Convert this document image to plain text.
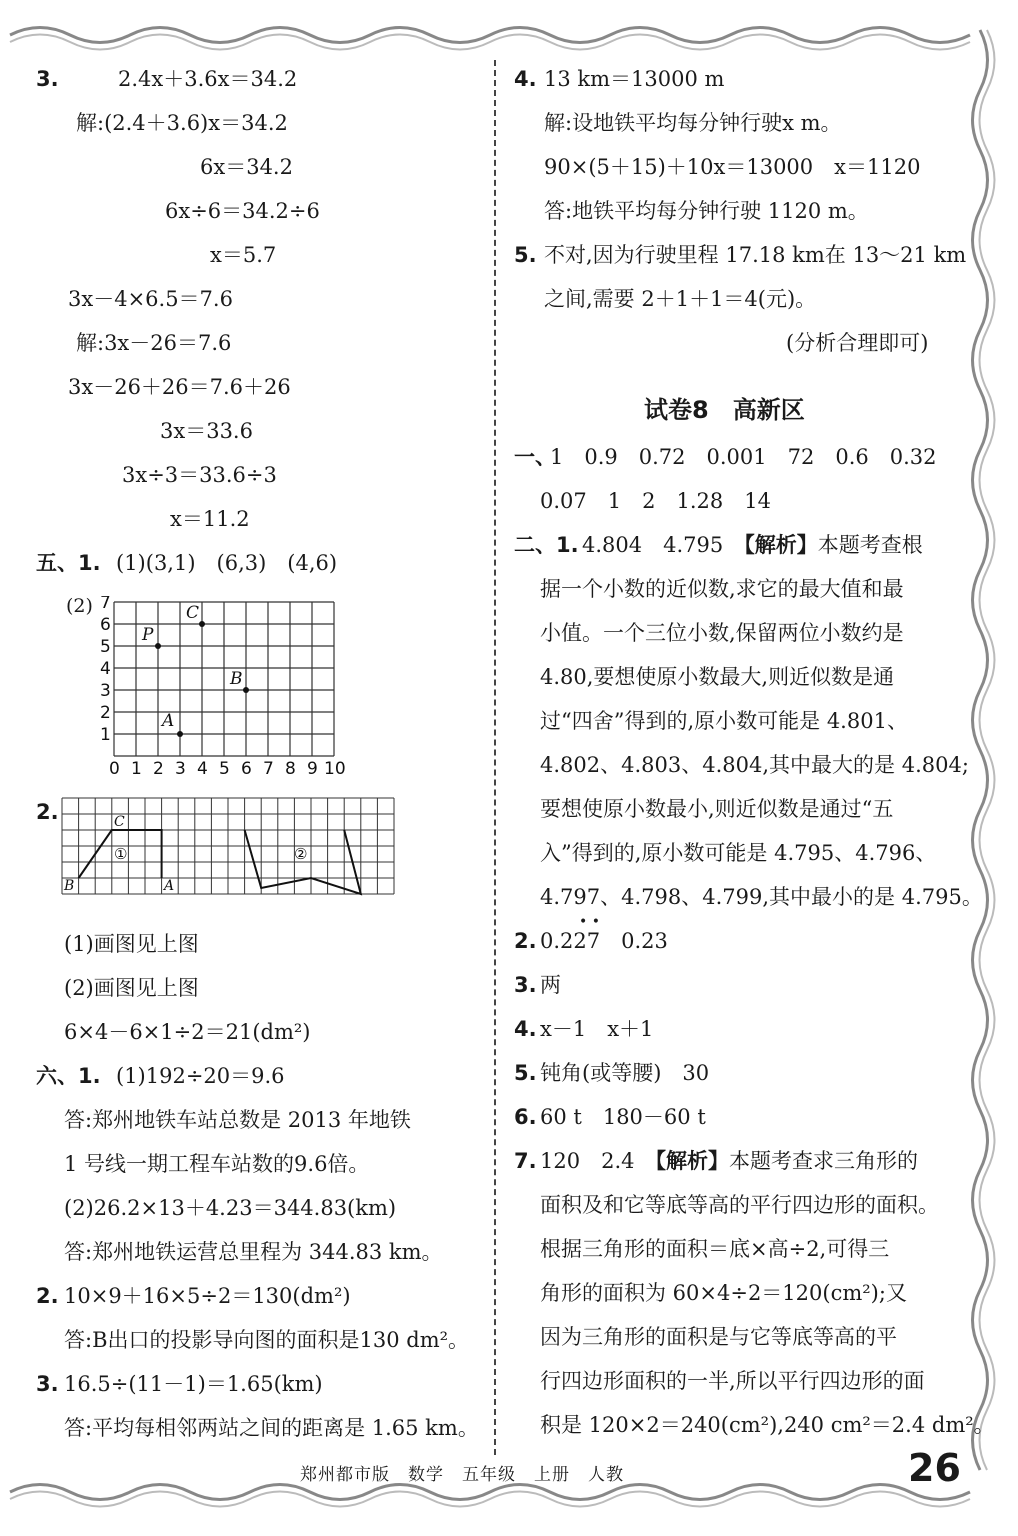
3.	2.4x＋3.6x＝34.2
解:(2.4＋3.6)x＝34.2
6x＝34.2
6x÷6＝34.2÷6
x＝5.7
3x－4×6.5＝7.6
解:3x－26＝7.6
3x－26＋26＝7.6＋26
3x＝33.6
3x÷3＝33.6÷3
x＝11.2
五、1. (1)(3,1)　(6,3)　(4,6)
(2) 7
6
5
4
3
2
1
0 1 2 3 4 5 6 7 8 9 10
C
P
B
A
2.	C
B	A
①	②
(1)画图见上图
(2)画图见上图
6×4－6×1÷2＝21(dm²)
六、1. (1)192÷20＝9.6
答:郑州地铁车站总数是 2013 年地铁
1 号线一期工程车站数的9.6倍。
(2)26.2×13＋4.23＝344.83(km)
答:郑州地铁运营总里程为 344.83 km。
2. 10×9＋16×5÷2＝130(dm²)
答:B出口的投影导向图的面积是130 dm²。
3. 16.5÷(11－1)＝1.65(km)
答:平均每相邻两站之间的距离是 1.65 km。
4. 13 km＝13000 m
解:设地铁平均每分钟行驶x m。
90×(5＋15)＋10x＝13000　x＝1120
答:地铁平均每分钟行驶 1120 m。
5. 不对,因为行驶里程 17.18 km在 13～21 km
之间,需要 2＋1＋1＝4(元)。
(分析合理即可)
试卷8　高新区
一、
1　0.9　0.72　0.001　72　0.6　0.32
0.07　1　2　1.28　14
二、1. 4.804　4.795　 【解析】本题考查根
据一个小数的近似数,求它的最大值和最
小值。一个三位小数,保留两位小数约是
4.80,要想使原小数最大,则近似数是通
过“四舍”得到的,原小数可能是 4.801、
4.802、4.803、4.804,其中最大的是 4.804;
要想使原小数最小,则近似数是通过“五
入”得到的,原小数可能是 4.795、4.796、
4.797、4.798、4.799,其中最小的是 4.795。
2.
• •
0.227　0.23
3. 两
4. x－1　x＋1
5. 钝角(或等腰)　30
6. 60 t　180－60 t
7. 120　2.4　 【解析】本题考查求三角形的
面积及和它等底等高的平行四边形的面积。
根据三角形的面积＝底×高÷2,可得三
角形的面积为 60×4÷2＝120(cm²);又
因为三角形的面积是与它等底等高的平
行四边形面积的一半,所以平行四边形的面
积是 120×2＝240(cm²),240 cm²＝2.4 dm²。
郑州都市版　数学　五年级　上册　人教	26
